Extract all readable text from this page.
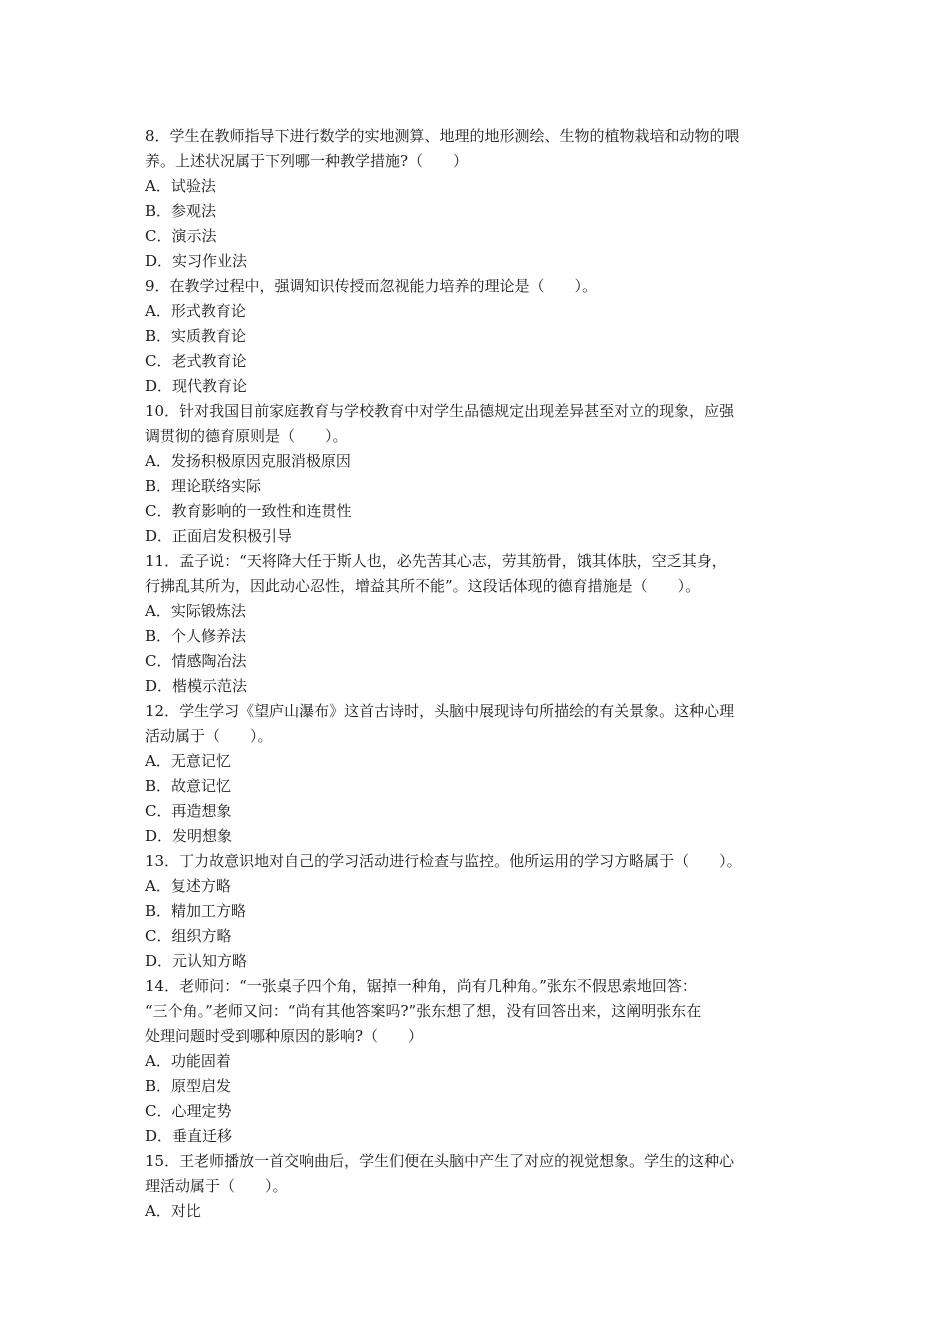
8．学生在教师指导下进行数学的实地测算、地理的地形测绘、生物的植物栽培和动物的喂
养。上述状况属于下列哪一种教学措施?（　　）
A．试验法
B．参观法
C．演示法
D．实习作业法
9．在教学过程中，强调知识传授而忽视能力培养的理论是（　　）。
A．形式教育论
B．实质教育论
C．老式教育论
D．现代教育论
10．针对我国目前家庭教育与学校教育中对学生品德规定出现差异甚至对立的现象，应强
调贯彻的德育原则是（　　）。
A．发扬积极原因克服消极原因
B．理论联络实际
C．教育影响的一致性和连贯性
D．正面启发积极引导
11．孟子说：“天将降大任于斯人也，必先苦其心志，劳其筋骨，饿其体肤，空乏其身，
行拂乱其所为，因此动心忍性，增益其所不能”。这段话体现的德育措施是（　　）。
A．实际锻炼法
B．个人修养法
C．情感陶冶法
D．楷模示范法
12．学生学习《望庐山瀑布》这首古诗时，头脑中展现诗句所描绘的有关景象。这种心理
活动属于（　　）。
A．无意记忆
B．故意记忆
C．再造想象
D．发明想象
13．丁力故意识地对自己的学习活动进行检查与监控。他所运用的学习方略属于（　　）。
A．复述方略
B．精加工方略
C．组织方略
D．元认知方略
14．老师问：“一张桌子四个角，锯掉一种角，尚有几种角。”张东不假思索地回答：
“三个角。”老师又问：“尚有其他答案吗?”张东想了想，没有回答出来，这阐明张东在
处理问题时受到哪种原因的影响?（　　）
A．功能固着
B．原型启发
C．心理定势
D．垂直迁移
15．王老师播放一首交响曲后，学生们便在头脑中产生了对应的视觉想象。学生的这种心
理活动属于（　　）。
A．对比
